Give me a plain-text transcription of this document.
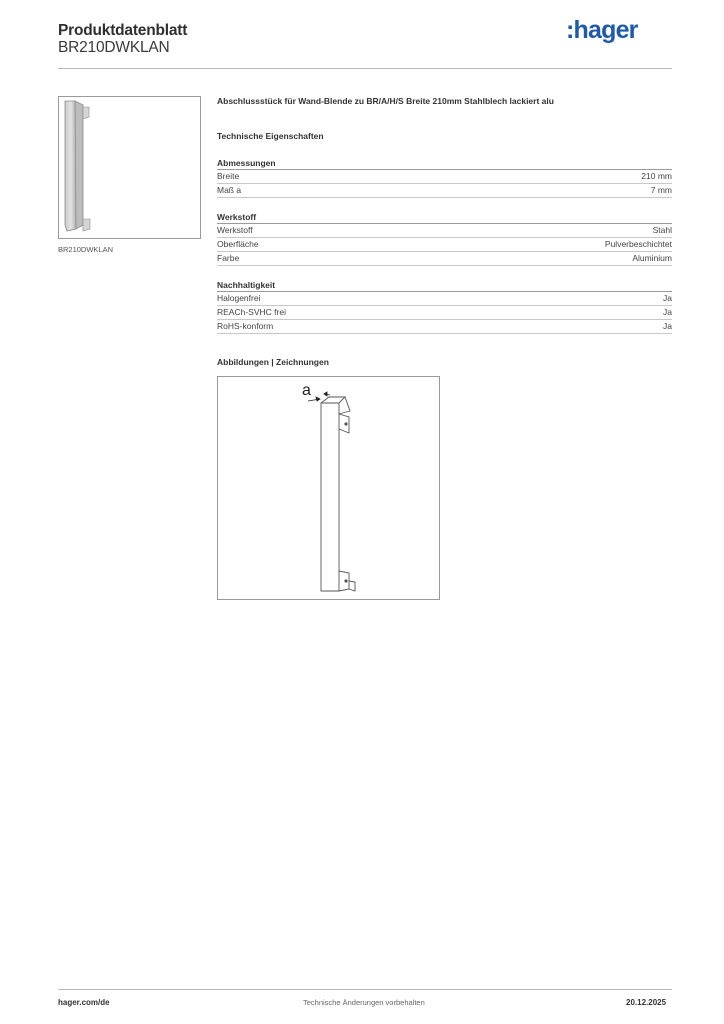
Produktdatenblatt
BR210DWKLAN
:hager
BR210DWKLAN
Abschlussstück für Wand-Blende zu BR/A/H/S Breite 210mm Stahlblech lackiert alu
Technische Eigenschaften
Abmessungen
Breite	210 mm
Maß a	7 mm
Werkstoff
Werkstoff	Stahl
Oberfläche	Pulverbeschichtet
Farbe	Aluminium
Nachhaltigkeit
Halogenfrei	Ja
REACh-SVHC frei	Ja
RoHS-konform	Ja
Abbildungen | Zeichnungen
a
hager.com/de	Technische Änderungen vorbehalten	20.12.2025
